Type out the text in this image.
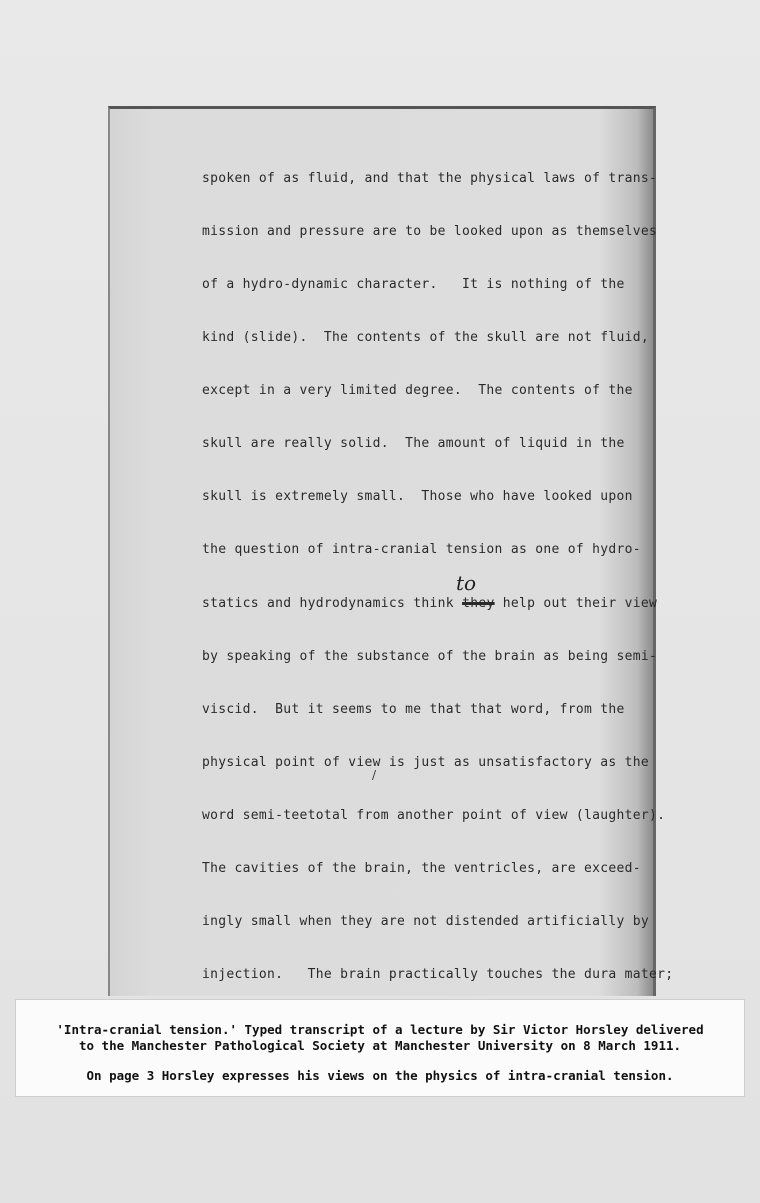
spoken of as fluid, and that the physical laws of trans-
mission and pressure are to be looked upon as themselves
of a hydro-dynamic character.   It is nothing of the
kind (slide).  The contents of the skull are not fluid,
except in a very limited degree.  The contents of the
skull are really solid.  The amount of liquid in the
skull is extremely small.  Those who have looked upon
the question of intra-cranial tension as one of hydro-
to
statics and hydrodynamics think they help out their view
by speaking of the substance of the brain as being semi-
viscid.  But it seems to me that that word, from the
physical point of view is just as unsatisfactory as the
/
word semi-teetotal from another point of view (laughter).
The cavities of the brain, the ventricles, are exceed-
ingly small when they are not distended artificially by
injection.   The brain practically touches the dura mater;
'Intra-cranial tension.' Typed transcript of a lecture by Sir Victor Horsley delivered
to the Manchester Pathological Society at Manchester University on 8 March 1911.
On page 3 Horsley expresses his views on the physics of intra-cranial tension.
